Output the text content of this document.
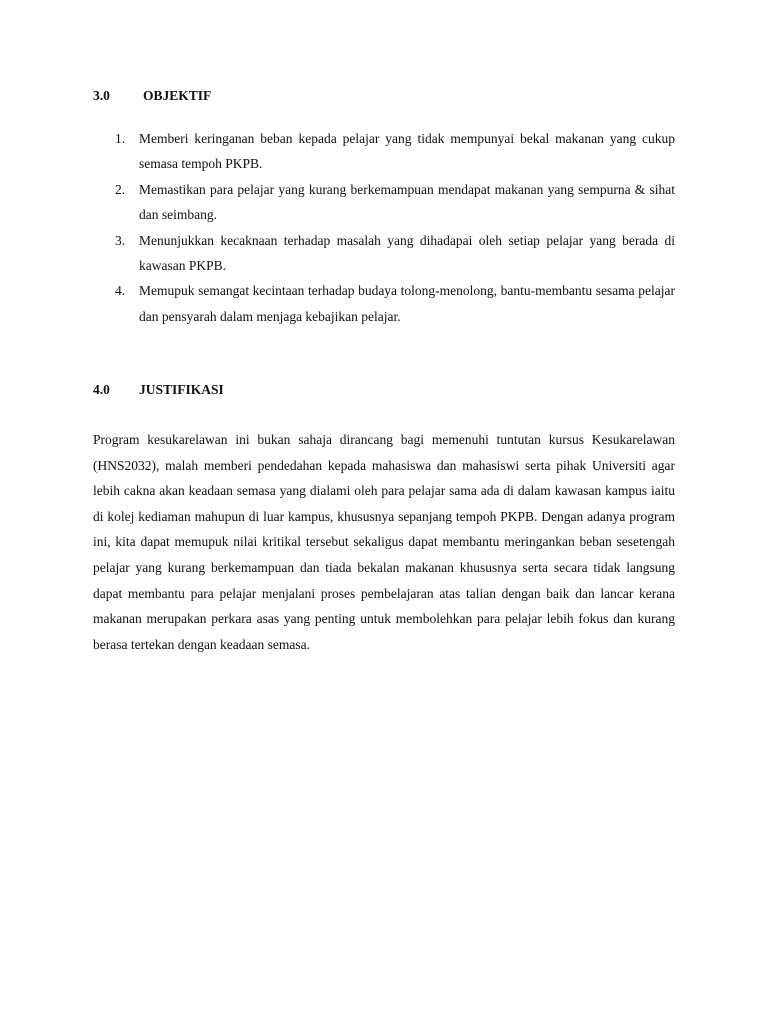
3.0 OBJEKTIF
1. Memberi keringanan beban kepada pelajar yang tidak mempunyai bekal makanan yang cukup semasa tempoh PKPB.
2. Memastikan para pelajar yang kurang berkemampuan mendapat makanan yang sempurna & sihat dan seimbang.
3. Menunjukkan kecaknaan terhadap masalah yang dihadapai oleh setiap pelajar yang berada di kawasan PKPB.
4. Memupuk semangat kecintaan terhadap budaya tolong-menolong, bantu-membantu sesama pelajar dan pensyarah dalam menjaga kebajikan pelajar.
4.0 JUSTIFIKASI

Program kesukarelawan ini bukan sahaja dirancang bagi memenuhi tuntutan kursus Kesukarelawan (HNS2032), malah memberi pendedahan kepada mahasiswa dan mahasiswi serta pihak Universiti agar lebih cakna akan keadaan semasa yang dialami oleh para pelajar sama ada di dalam kawasan kampus iaitu di kolej kediaman mahupun di luar kampus, khususnya sepanjang tempoh PKPB. Dengan adanya program ini, kita dapat memupuk nilai kritikal tersebut sekaligus dapat membantu meringankan beban sesetengah pelajar yang kurang berkemampuan dan tiada bekalan makanan khususnya serta secara tidak langsung dapat membantu para pelajar menjalani proses pembelajaran atas talian dengan baik dan lancar kerana makanan merupakan perkara asas yang penting untuk membolehkan para pelajar lebih fokus dan kurang berasa tertekan dengan keadaan semasa.
